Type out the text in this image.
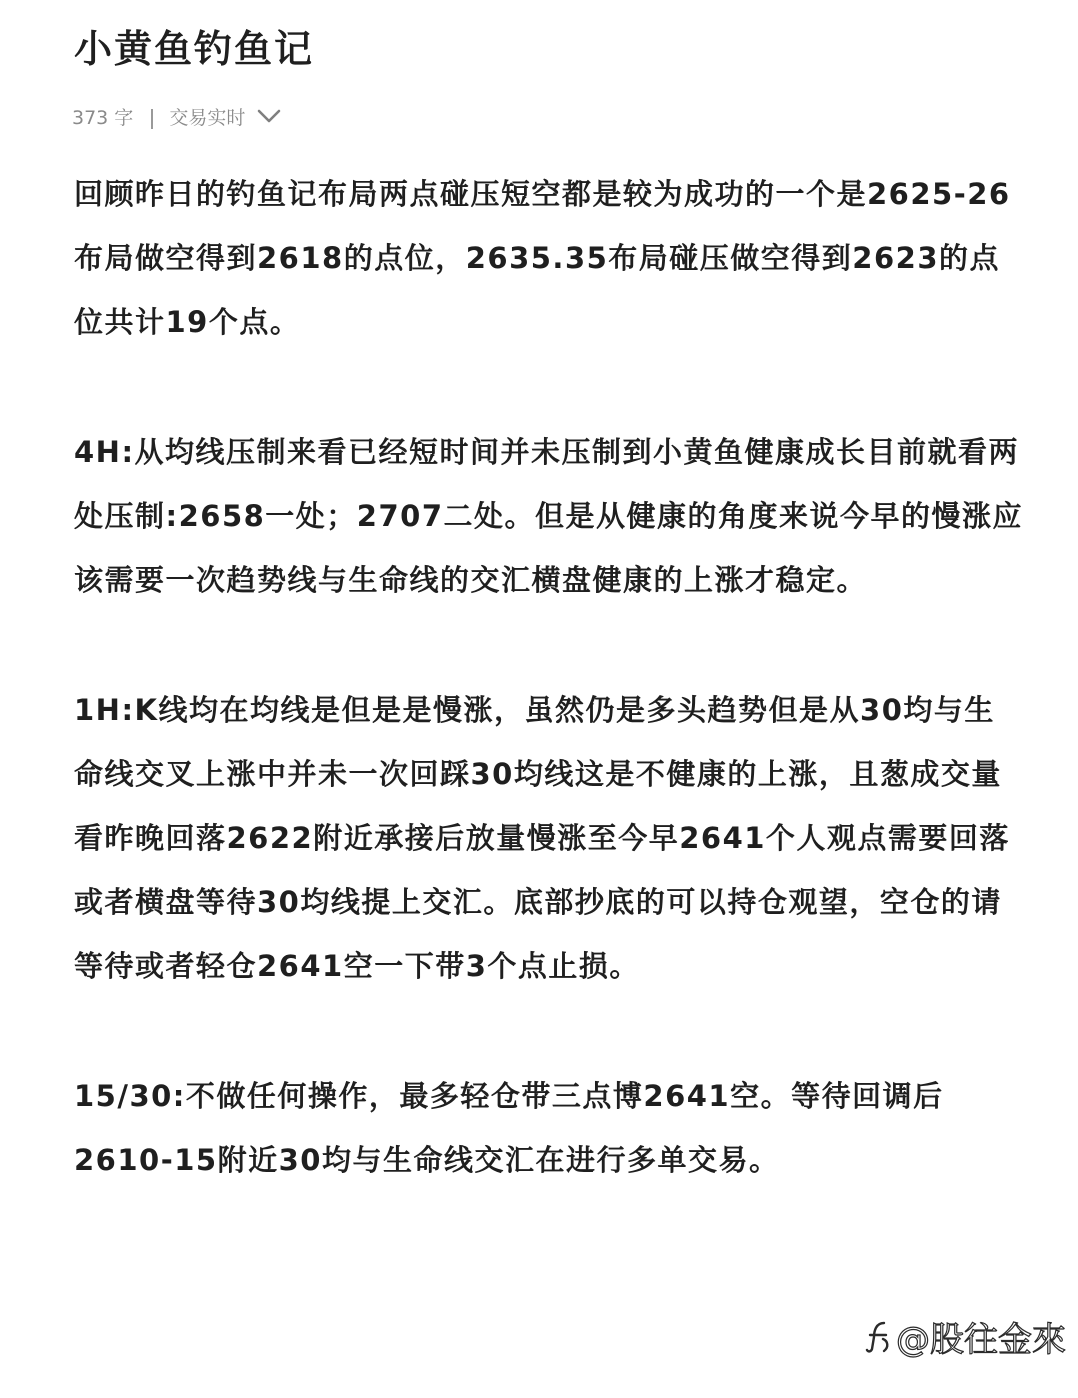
小黄鱼钓鱼记
373 字 交易实时

回顾昨日的钓鱼记布局两点碰压短空都是较为成功的一个是2625-26布局做空得到2618的点位，2635.35布局碰压做空得到2623的点位共计19个点。

4H:从均线压制来看已经短时间并未压制到小黄鱼健康成长目前就看两处压制:2658一处；2707二处。但是从健康的角度来说今早的慢涨应该需要一次趋势线与生命线的交汇横盘健康的上涨才稳定。

1H:K线均在均线是但是是慢涨，虽然仍是多头趋势但是从30均与生命线交叉上涨中并未一次回踩30均线这是不健康的上涨，且葱成交量看昨晚回落2622附近承接后放量慢涨至今早2641个人观点需要回落或者横盘等待30均线提上交汇。底部抄底的可以持仓观望，空仓的请等待或者轻仓2641空一下带3个点止损。

15/30:不做任何操作，最多轻仓带三点博2641空。等待回调后2610-15附近30均与生命线交汇在进行多单交易。

@股往金來
